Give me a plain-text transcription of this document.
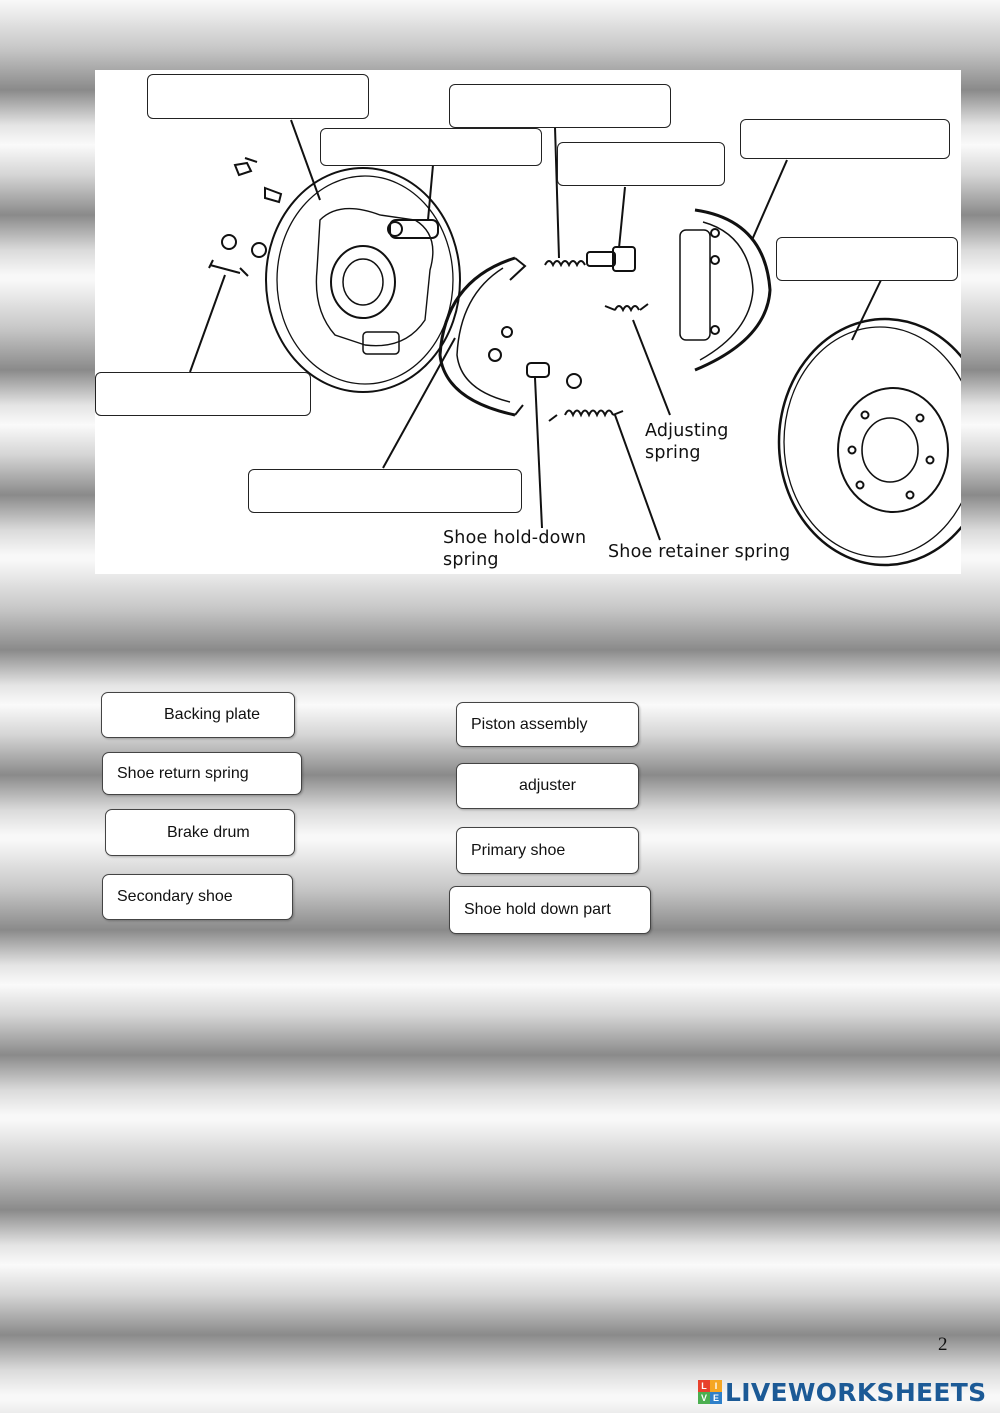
Adjusting
spring
Shoe hold-down
spring	Shoe retainer spring
Backing plate
Shoe return spring
Brake drum
Secondary shoe
Piston assembly
adjuster
Primary shoe
Shoe hold down part
2
L I
V E LIVEWORKSHEETS
